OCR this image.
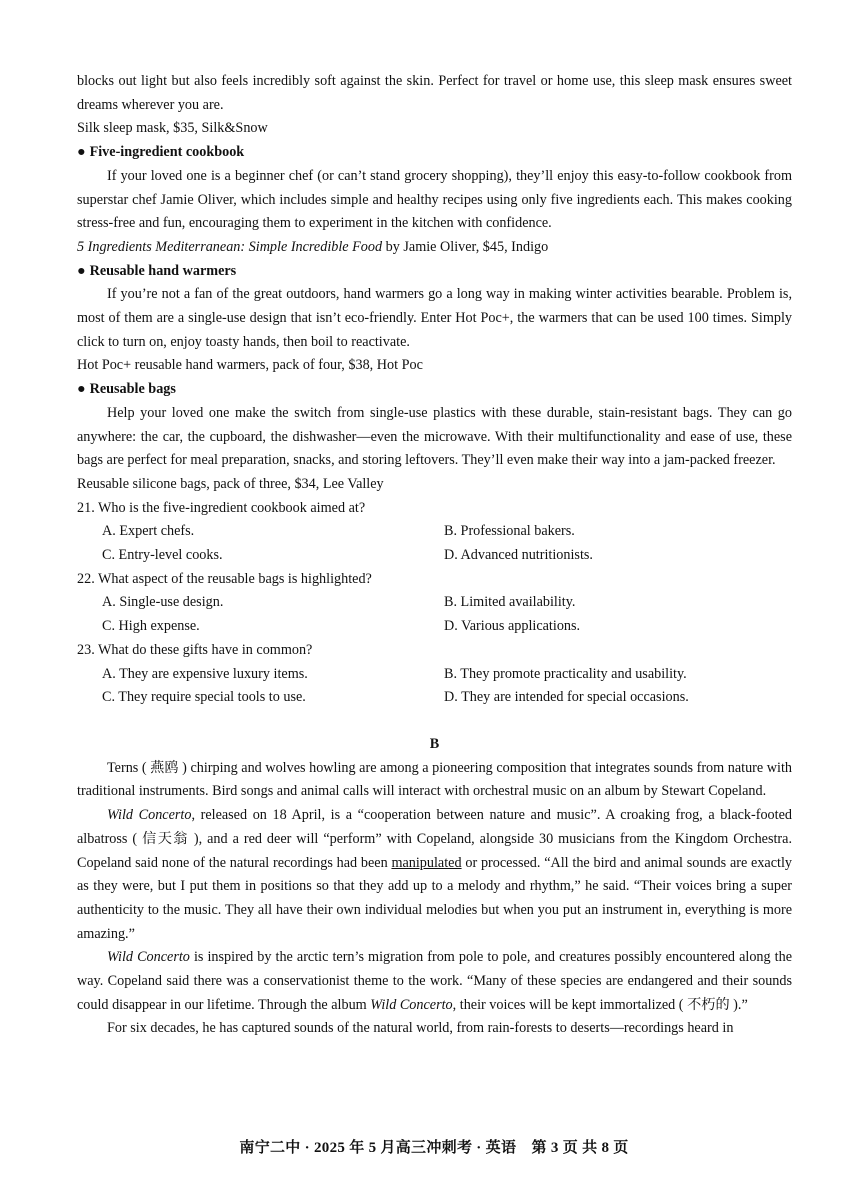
blocks out light but also feels incredibly soft against the skin. Perfect for travel or home use, this sleep mask ensures sweet dreams wherever you are.

Silk sleep mask, $35, Silk&Snow

● Five-ingredient cookbook

If your loved one is a beginner chef (or can’t stand grocery shopping), they’ll enjoy this easy-to-follow cookbook from superstar chef Jamie Oliver, which includes simple and healthy recipes using only five ingredients each. This makes cooking stress-free and fun, encouraging them to experiment in the kitchen with confidence.

5 Ingredients Mediterranean: Simple Incredible Food by Jamie Oliver, $45, Indigo

● Reusable hand warmers

If you’re not a fan of the great outdoors, hand warmers go a long way in making winter activities bearable. Problem is, most of them are a single-use design that isn’t eco-friendly. Enter Hot Poc+, the warmers that can be used 100 times. Simply click to turn on, enjoy toasty hands, then boil to reactivate.

Hot Poc+ reusable hand warmers, pack of four, $38, Hot Poc

● Reusable bags

Help your loved one make the switch from single-use plastics with these durable, stain-resistant bags. They can go anywhere: the car, the cupboard, the dishwasher—even the microwave. With their multifunctionality and ease of use, these bags are perfect for meal preparation, snacks, and storing leftovers. They’ll even make their way into a jam-packed freezer.

Reusable silicone bags, pack of three, $34, Lee Valley

21. Who is the five-ingredient cookbook aimed at?

A. Expert chefs.	B. Professional bakers.
C. Entry-level cooks.	D. Advanced nutritionists.

22. What aspect of the reusable bags is highlighted?

A. Single-use design.	B. Limited availability.
C. High expense.	D. Various applications.

23. What do these gifts have in common?

A. They are expensive luxury items.	B. They promote practicality and usability.
C. They require special tools to use.	D. They are intended for special occasions.

B

Terns ( 燕鸥 ) chirping and wolves howling are among a pioneering composition that integrates sounds from nature with traditional instruments. Bird songs and animal calls will interact with orchestral music on an album by Stewart Copeland.

Wild Concerto, released on 18 April, is a “cooperation between nature and music”. A croaking frog, a black-footed albatross ( 信天翁 ), and a red deer will “perform” with Copeland, alongside 30 musicians from the Kingdom Orchestra. Copeland said none of the natural recordings had been manipulated or processed. “All the bird and animal sounds are exactly as they were, but I put them in positions so that they add up to a melody and rhythm,” he said. “Their voices bring a super authenticity to the music. They all have their own individual melodies but when you put an instrument in, everything is more amazing.”

Wild Concerto is inspired by the arctic tern’s migration from pole to pole, and creatures possibly encountered along the way. Copeland said there was a conservationist theme to the work. “Many of these species are endangered and their sounds could disappear in our lifetime. Through the album Wild Concerto, their voices will be kept immortalized ( 不朽的 ).”

For six decades, he has captured sounds of the natural world, from rain-forests to deserts—recordings heard in

南宁二中 · 2025 年 5 月高三冲刺考 · 英语　第 3 页 共 8 页
